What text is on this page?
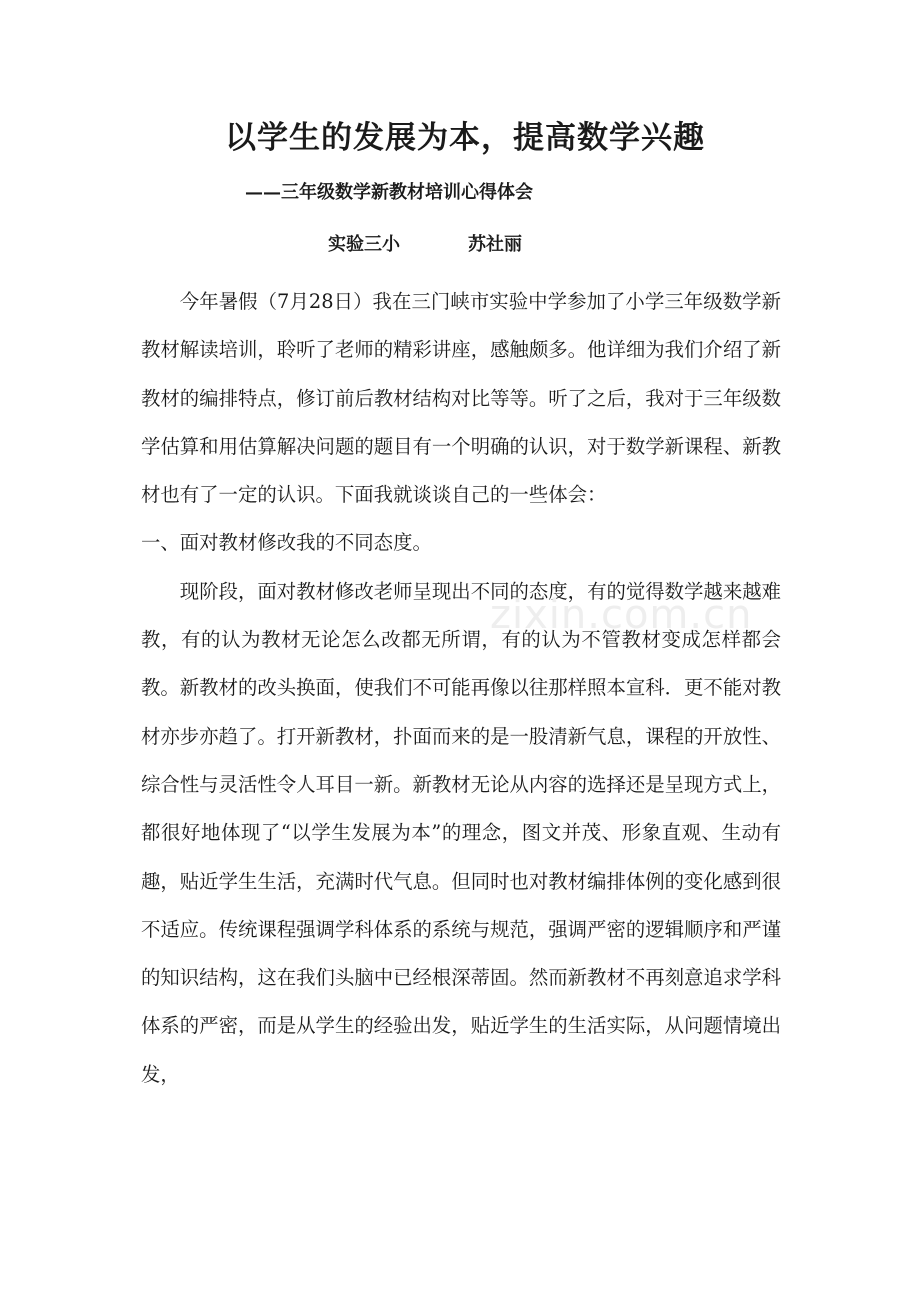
以学生的发展为本，提高数学兴趣
——三年级数学新教材培训心得体会
实验三小	苏社丽

今年暑假（7月28日）我在三门峡市实验中学参加了小学三年级数学新教材解读培训，聆听了老师的精彩讲座，感触颇多。他详细为我们介绍了新教材的编排特点，修订前后教材结构对比等等。听了之后，我对于三年级数学估算和用估算解决问题的题目有一个明确的认识，对于数学新课程、新教材也有了一定的认识。下面我就谈谈自己的一些体会：

一、面对教材修改我的不同态度。

现阶段，面对教材修改老师呈现出不同的态度，有的觉得数学越来越难教，有的认为教材无论怎么改都无所谓，有的认为不管教材变成怎样都会教。新教材的改头换面，使我们不可能再像以往那样照本宣科．更不能对教材亦步亦趋了。打开新教材，扑面而来的是一股清新气息，课程的开放性、综合性与灵活性令人耳目一新。新教材无论从内容的选择还是呈现方式上，都很好地体现了“以学生发展为本”的理念，图文并茂、形象直观、生动有趣，贴近学生生活，充满时代气息。但同时也对教材编排体例的变化感到很不适应。传统课程强调学科体系的系统与规范，强调严密的逻辑顺序和严谨的知识结构，这在我们头脑中已经根深蒂固。然而新教材不再刻意追求学科体系的严密，而是从学生的经验出发，贴近学生的生活实际，从问题情境出发，

zixin.com.cn
